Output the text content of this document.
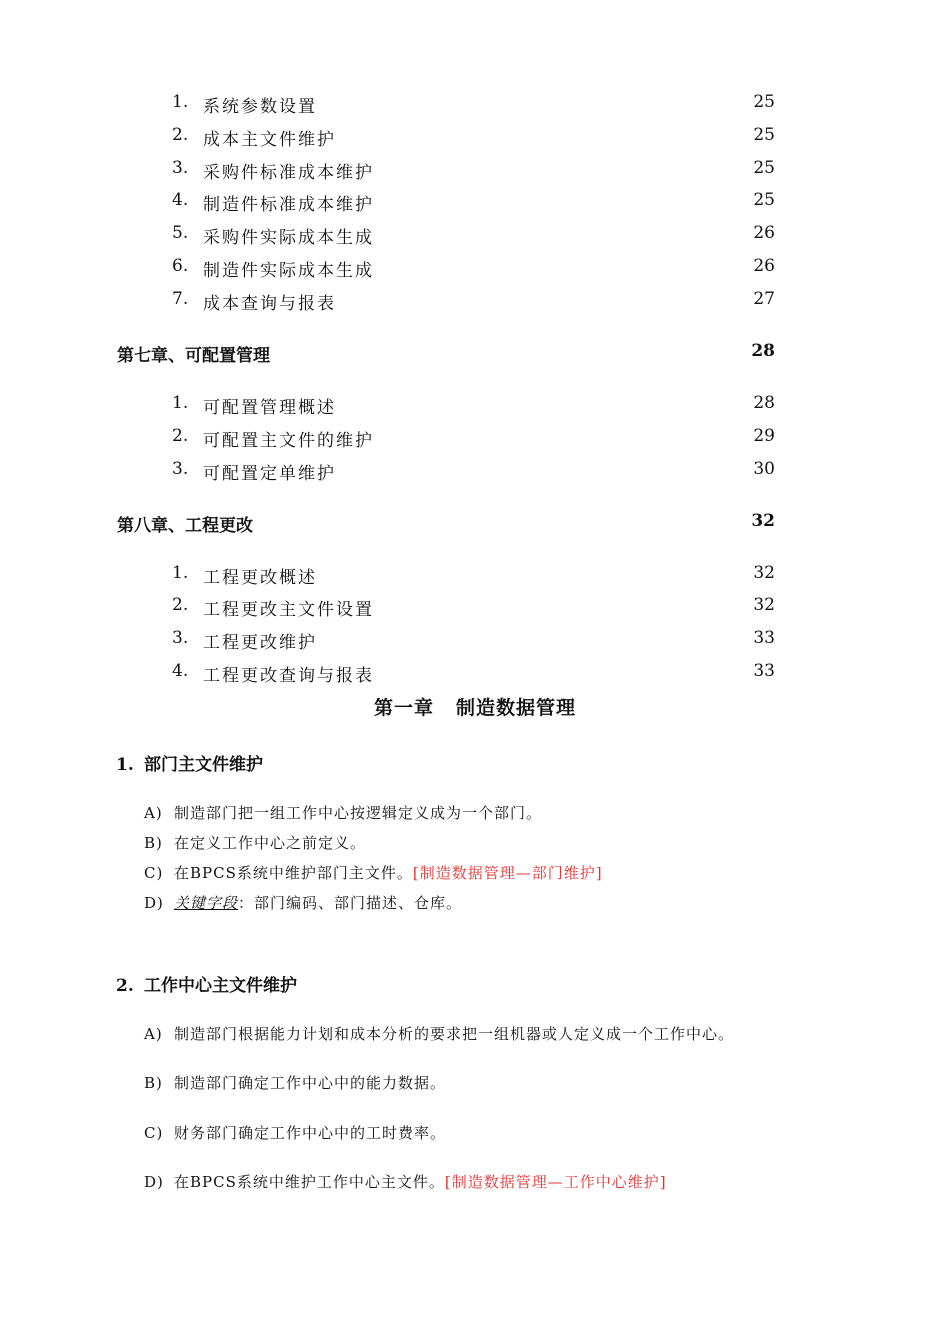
1. 系统参数设置	25
2. 成本主文件维护	25
3. 采购件标准成本维护	25
4. 制造件标准成本维护	25
5. 采购件实际成本生成	26
6. 制造件实际成本生成	26
7. 成本查询与报表	27
第七章、可配置管理	28
1. 可配置管理概述	28
2. 可配置主文件的维护	29
3. 可配置定单维护	30
第八章、工程更改	32
1. 工程更改概述	32
2. 工程更改主文件设置	32
3. 工程更改维护	33
4. 工程更改查询与报表	33
第一章 制造数据管理
1. 部门主文件维护
A) 制造部门把一组工作中心按逻辑定义成为一个部门。
B) 在定义工作中心之前定义。
C) 在BPCS系统中维护部门主文件。[制造数据管理—部门维护]
D) 关键字段：部门编码、部门描述、仓库。
2. 工作中心主文件维护
A) 制造部门根据能力计划和成本分析的要求把一组机器或人定义成一个工作中心。
B) 制造部门确定工作中心中的能力数据。
C) 财务部门确定工作中心中的工时费率。
D) 在BPCS系统中维护工作中心主文件。[制造数据管理—工作中心维护]
